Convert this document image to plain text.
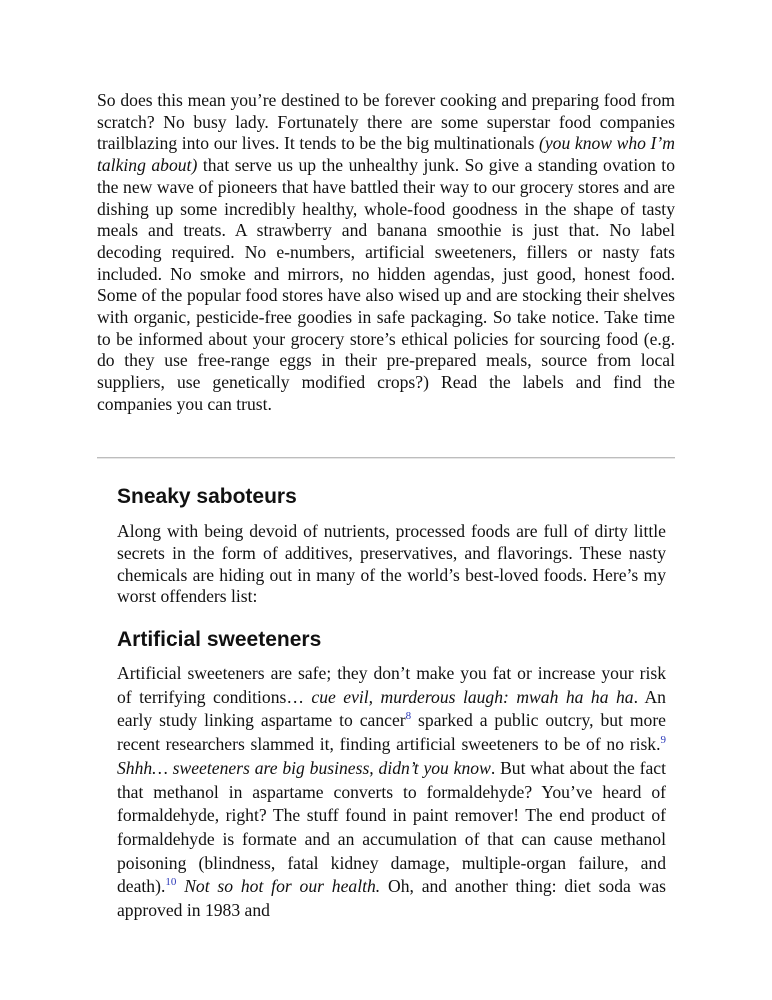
So does this mean you’re destined to be forever cooking and preparing food from scratch? No busy lady. Fortunately there are some superstar food companies trailblazing into our lives. It tends to be the big multinationals (you know who I’m talking about) that serve us up the unhealthy junk. So give a standing ovation to the new wave of pioneers that have battled their way to our grocery stores and are dishing up some incredibly healthy, whole-food goodness in the shape of tasty meals and treats. A strawberry and banana smoothie is just that. No label decoding required. No e-numbers, artificial sweeteners, fillers or nasty fats included. No smoke and mirrors, no hidden agendas, just good, honest food. Some of the popular food stores have also wised up and are stocking their shelves with organic, pesticide-free goodies in safe packaging. So take notice. Take time to be informed about your grocery store’s ethical policies for sourcing food (e.g. do they use free-range eggs in their pre-prepared meals, source from local suppliers, use genetically modified crops?) Read the labels and find the companies you can trust.

Sneaky saboteurs

Along with being devoid of nutrients, processed foods are full of dirty little secrets in the form of additives, preservatives, and flavorings. These nasty chemicals are hiding out in many of the world’s best-loved foods. Here’s my worst offenders list:

Artificial sweeteners

Artificial sweeteners are safe; they don’t make you fat or increase your risk of terrifying conditions… cue evil, murderous laugh: mwah ha ha ha. An early study linking aspartame to cancer$^8$ sparked a public outcry, but more recent researchers slammed it, finding artificial sweeteners to be of no risk.$^9$ Shhh… sweeteners are big business, didn’t you know. But what about the fact that methanol in aspartame converts to formaldehyde? You’ve heard of formaldehyde, right? The stuff found in paint remover! The end product of formaldehyde is formate and an accumulation of that can cause methanol poisoning (blindness, fatal kidney damage, multiple-organ failure, and death).$^{10}$ Not so hot for our health. Oh, and another thing: diet soda was approved in 1983 and
